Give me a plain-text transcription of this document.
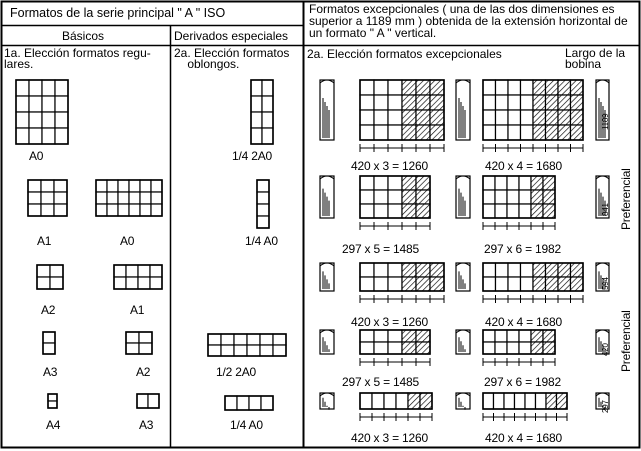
Formatos de la serie principal " A " ISO
Básicos	Derivados especiales
Formatos excepcionales ( una de las dos dimensiones es superior a 1189 mm ) obtenida de la extensión horizontal de un formato " A " vertical.
1a. Elección formatos regu-
lares.
2a. Elección formatos
oblongos.
2a. Elección formatos excepcionales	Largo de la
bobina
A0
A1	A0
A2	A1
A3	A2
A4	A3
1/4 2A0
1/4 A0
1/2 2A0
1/4 A0
420 x 3 = 1260	420 x 4 = 1680
297 x 5 = 1485	297 x 6 = 1982
420 x 3 = 1260	420 x 4 = 1680
297 x 5 = 1485	297 x 6 = 1982
420 x 3 = 1260	420 x 4 = 1680
1189
841
594
420
297
Preferencial
Preferencial
